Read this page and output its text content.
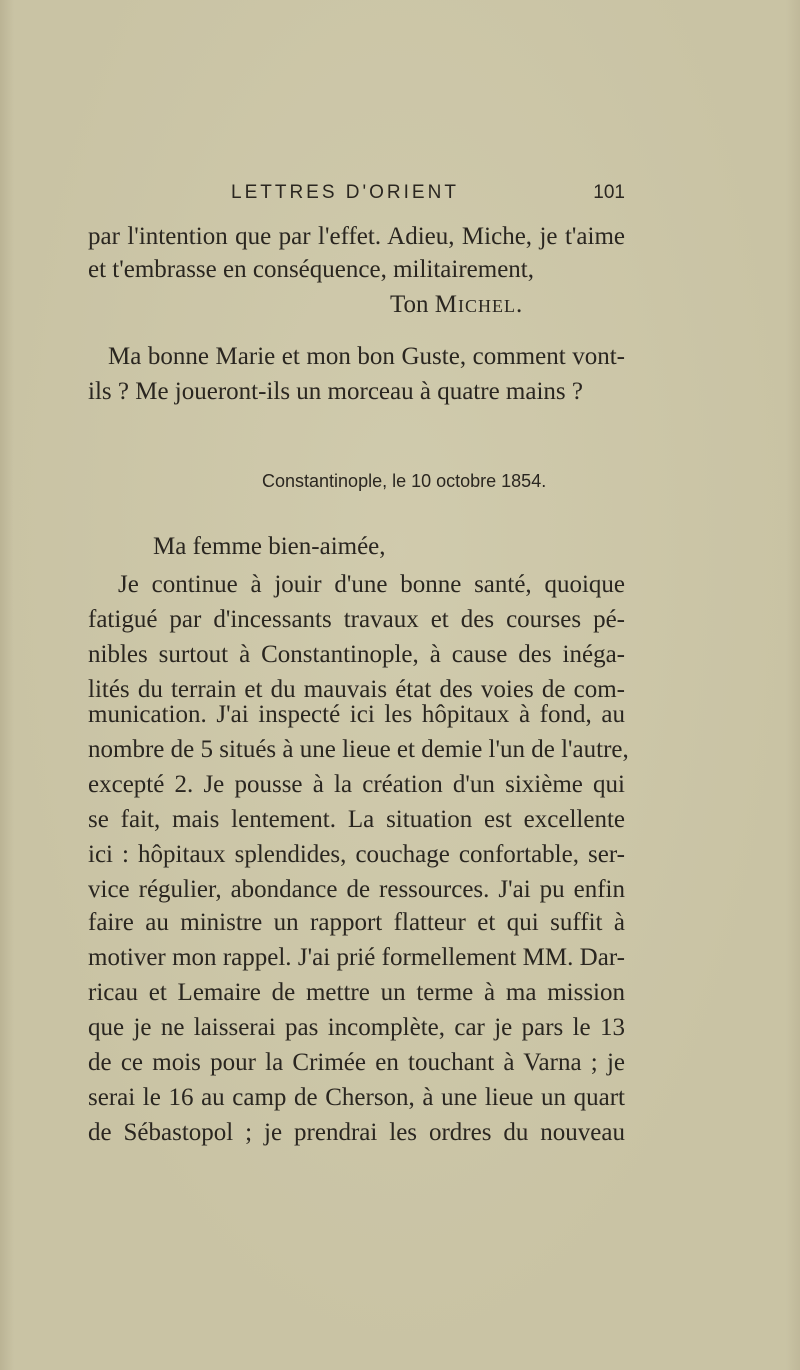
LETTRES D'ORIENT	101
par l'intention que par l'effet. Adieu, Miche, je t'aime
et t'embrasse en conséquence, militairement,
Ton Michel.
Ma bonne Marie et mon bon Guste, comment vont-
ils ? Me joueront-ils un morceau à quatre mains ?
Constantinople, le 10 octobre 1854.
Ma femme bien-aimée,
Je continue à jouir d'une bonne santé, quoique
fatigué par d'incessants travaux et des courses pé-
nibles surtout à Constantinople, à cause des inéga-
lités du terrain et du mauvais état des voies de com-
munication. J'ai inspecté ici les hôpitaux à fond, au
nombre de 5 situés à une lieue et demie l'un de l'autre,
excepté 2. Je pousse à la création d'un sixième qui
se fait, mais lentement. La situation est excellente
ici : hôpitaux splendides, couchage confortable, ser-
vice régulier, abondance de ressources. J'ai pu enfin
faire au ministre un rapport flatteur et qui suffit à
motiver mon rappel. J'ai prié formellement MM. Dar-
ricau et Lemaire de mettre un terme à ma mission
que je ne laisserai pas incomplète, car je pars le 13
de ce mois pour la Crimée en touchant à Varna ; je
serai le 16 au camp de Cherson, à une lieue un quart
de Sébastopol ; je prendrai les ordres du nouveau
